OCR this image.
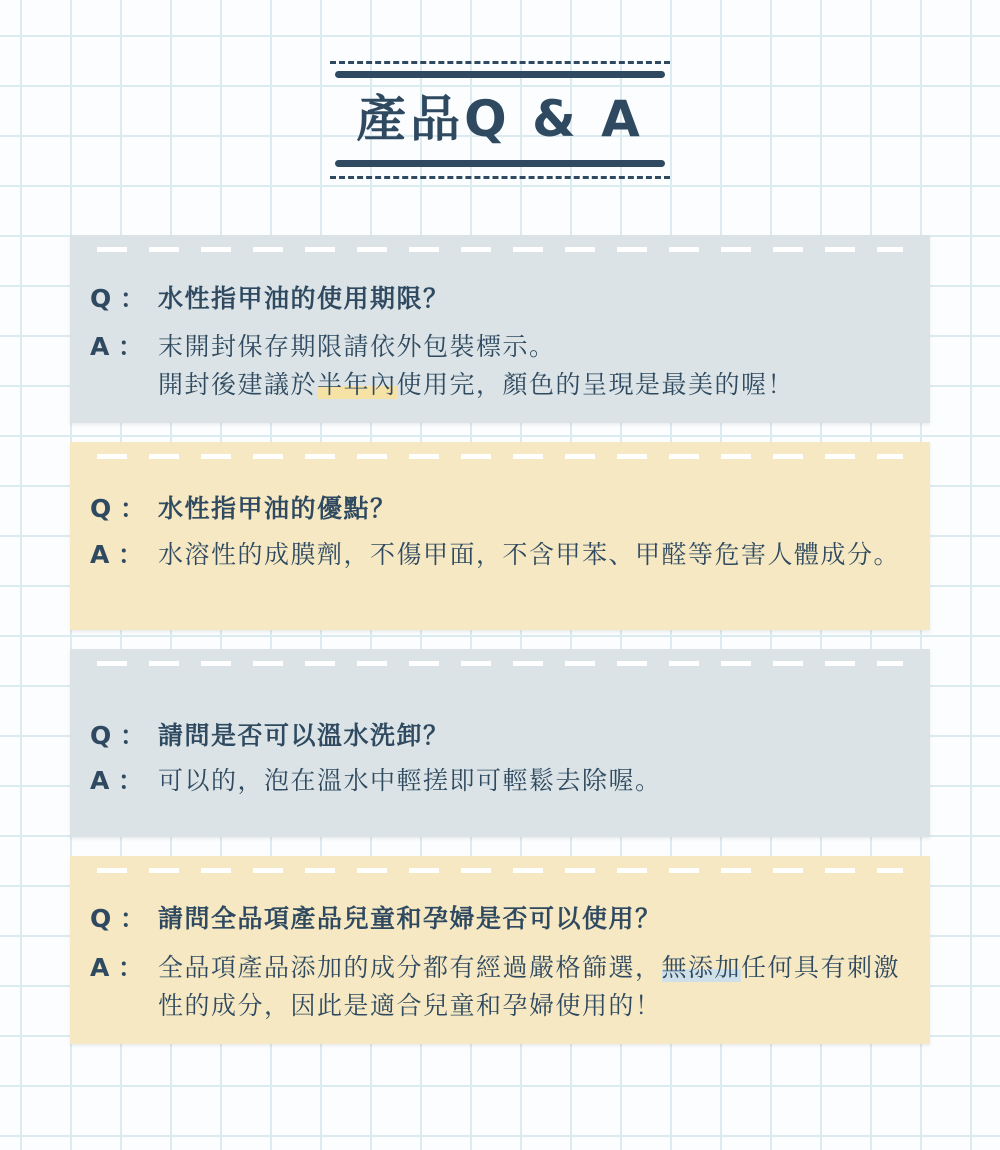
產品Q & A
Q ： 水性指甲油的使用期限？
A ： 末開封保存期限請依外包裝標示。
開封後建議於半年內使用完，顏色的呈現是最美的喔！
Q ： 水性指甲油的優點？
A ： 水溶性的成膜劑，不傷甲面，不含甲苯、甲醛等危害人體成分。
Q ： 請問是否可以溫水洗卸？
A ： 可以的，泡在溫水中輕搓即可輕鬆去除喔。
Q ： 請問全品項產品兒童和孕婦是否可以使用？
A ： 全品項產品添加的成分都有經過嚴格篩選，無添加任何具有刺激性的成分，因此是適合兒童和孕婦使用的！
